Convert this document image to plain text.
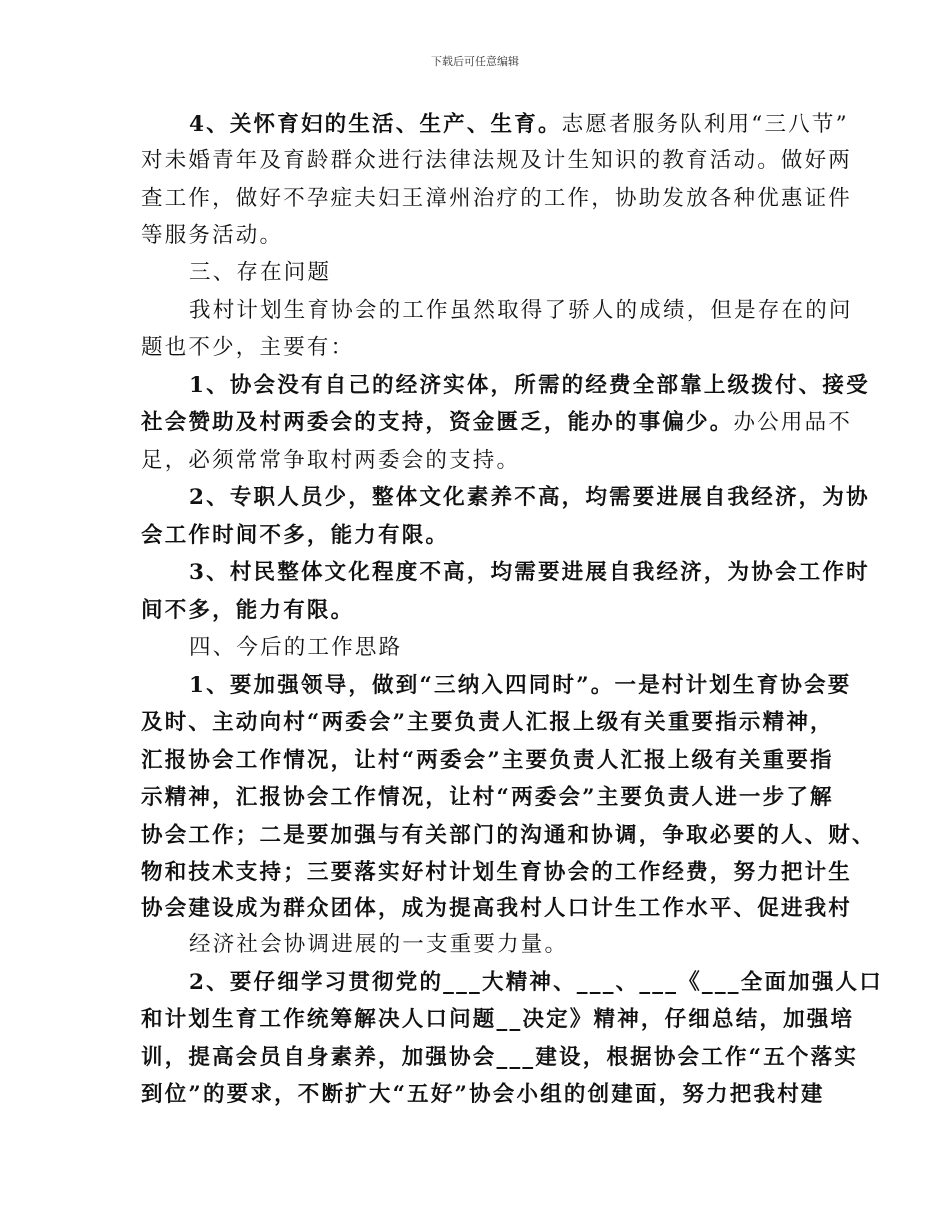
下载后可任意编辑
4、关怀育妇的生活、生产、生育。志愿者服务队利用“三八节”
对未婚青年及育龄群众进行法律法规及计生知识的教育活动。做好两
查工作，做好不孕症夫妇王漳州治疗的工作，协助发放各种优惠证件
等服务活动。
三、存在问题
我村计划生育协会的工作虽然取得了骄人的成绩，但是存在的问
题也不少，主要有：
1、协会没有自己的经济实体，所需的经费全部靠上级拨付、接受
社会赞助及村两委会的支持，资金匮乏，能办的事偏少。办公用品不
足，必须常常争取村两委会的支持。
2、专职人员少，整体文化素养不高，均需要进展自我经济，为协
会工作时间不多，能力有限。
3、村民整体文化程度不高，均需要进展自我经济，为协会工作时
间不多，能力有限。
四、今后的工作思路
1、要加强领导，做到“三纳入四同时”。一是村计划生育协会要
及时、主动向村“两委会”主要负责人汇报上级有关重要指示精神，
汇报协会工作情况，让村“两委会”主要负责人汇报上级有关重要指
示精神，汇报协会工作情况，让村“两委会”主要负责人进一步了解
协会工作；二是要加强与有关部门的沟通和协调，争取必要的人、财、
物和技术支持；三要落实好村计划生育协会的工作经费，努力把计生
协会建设成为群众团体，成为提高我村人口计生工作水平、促进我村
经济社会协调进展的一支重要力量。
2、要仔细学习贯彻党的___大精神、___、___《___全面加强人口
和计划生育工作统筹解决人口问题__决定》精神，仔细总结，加强培
训，提高会员自身素养，加强协会___建设，根据协会工作“五个落实
到位”的要求，不断扩大“五好”协会小组的创建面，努力把我村建
